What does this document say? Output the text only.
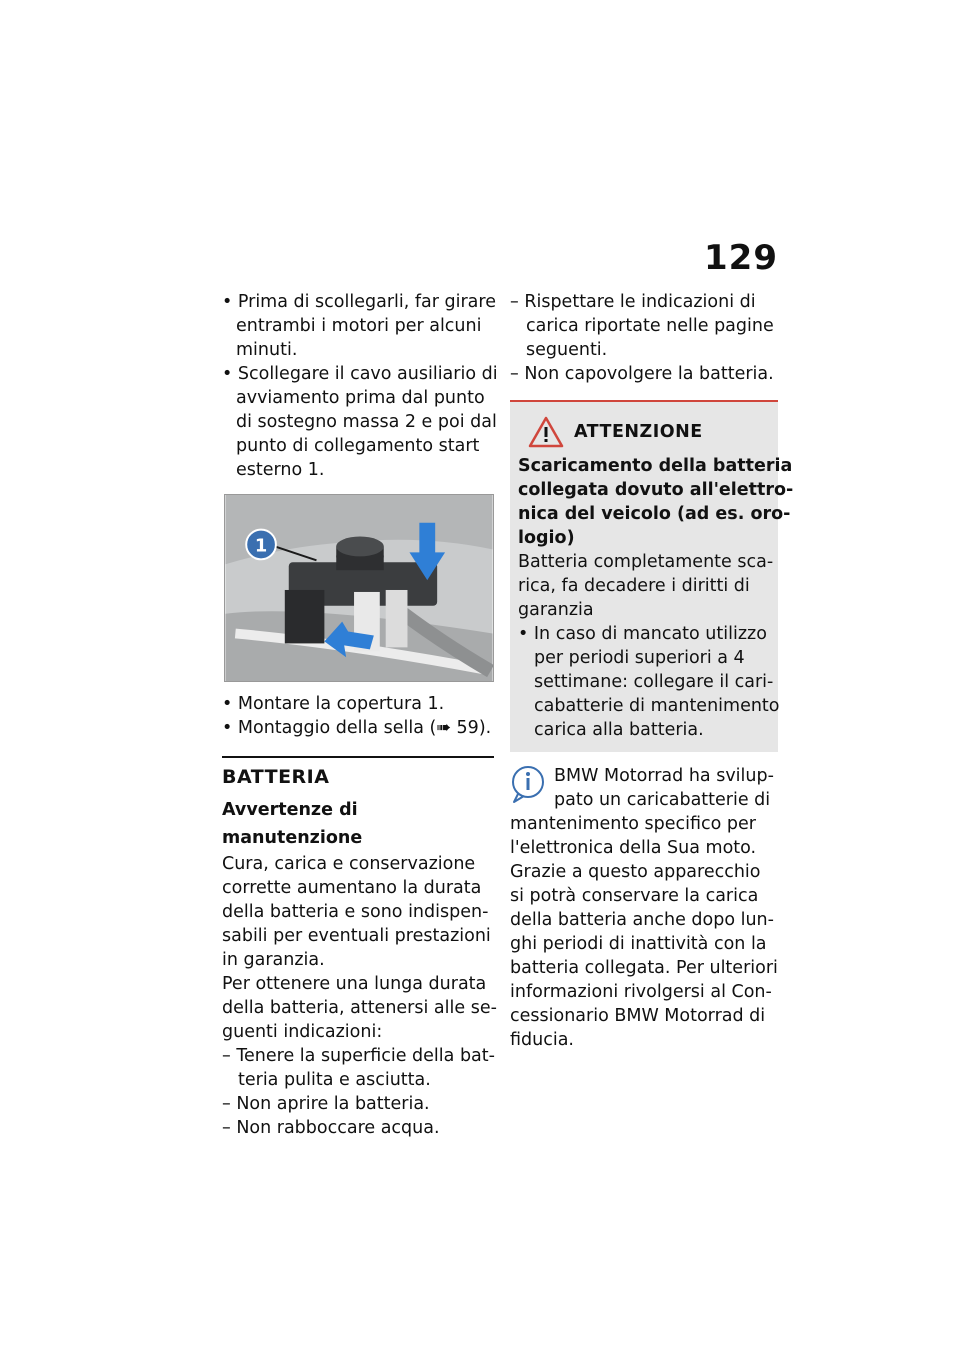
129
• Prima di scollegarli, far girare
entrambi i motori per alcuni
minuti.
• Scollegare il cavo ausiliario di
avviamento prima dal punto
di sostegno massa 2 e poi dal
punto di collegamento start
esterno 1.
1
• Montare la copertura 1.
• Montaggio della sella (➠ 59).
BATTERIA
Avvertenze di manutenzione
Cura, carica e conservazione
corrette aumentano la durata
della batteria e sono indispen-
sabili per eventuali prestazioni
in garanzia.
Per ottenere una lunga durata
della batteria, attenersi alle se-
guenti indicazioni:
– Tenere la superficie della bat-
teria pulita e asciutta.
– Non aprire la batteria.
– Non rabboccare acqua.
– Rispettare le indicazioni di
carica riportate nelle pagine
seguenti.
– Non capovolgere la batteria.
ATTENZIONE
Scaricamento della batteria
collegata dovuto all'elettro-
nica del veicolo (ad es. oro-
logio)
Batteria completamente sca-
rica, fa decadere i diritti di
garanzia
• In caso di mancato utilizzo
per periodi superiori a 4
settimane: collegare il cari-
cabatterie di mantenimento
carica alla batteria.
BMW Motorrad ha svilup-
pato un caricabatterie di
mantenimento specifico per
l'elettronica della Sua moto.
Grazie a questo apparecchio
si potrà conservare la carica
della batteria anche dopo lun-
ghi periodi di inattività con la
batteria collegata. Per ulteriori
informazioni rivolgersi al Con-
cessionario BMW Motorrad di
fiducia.
